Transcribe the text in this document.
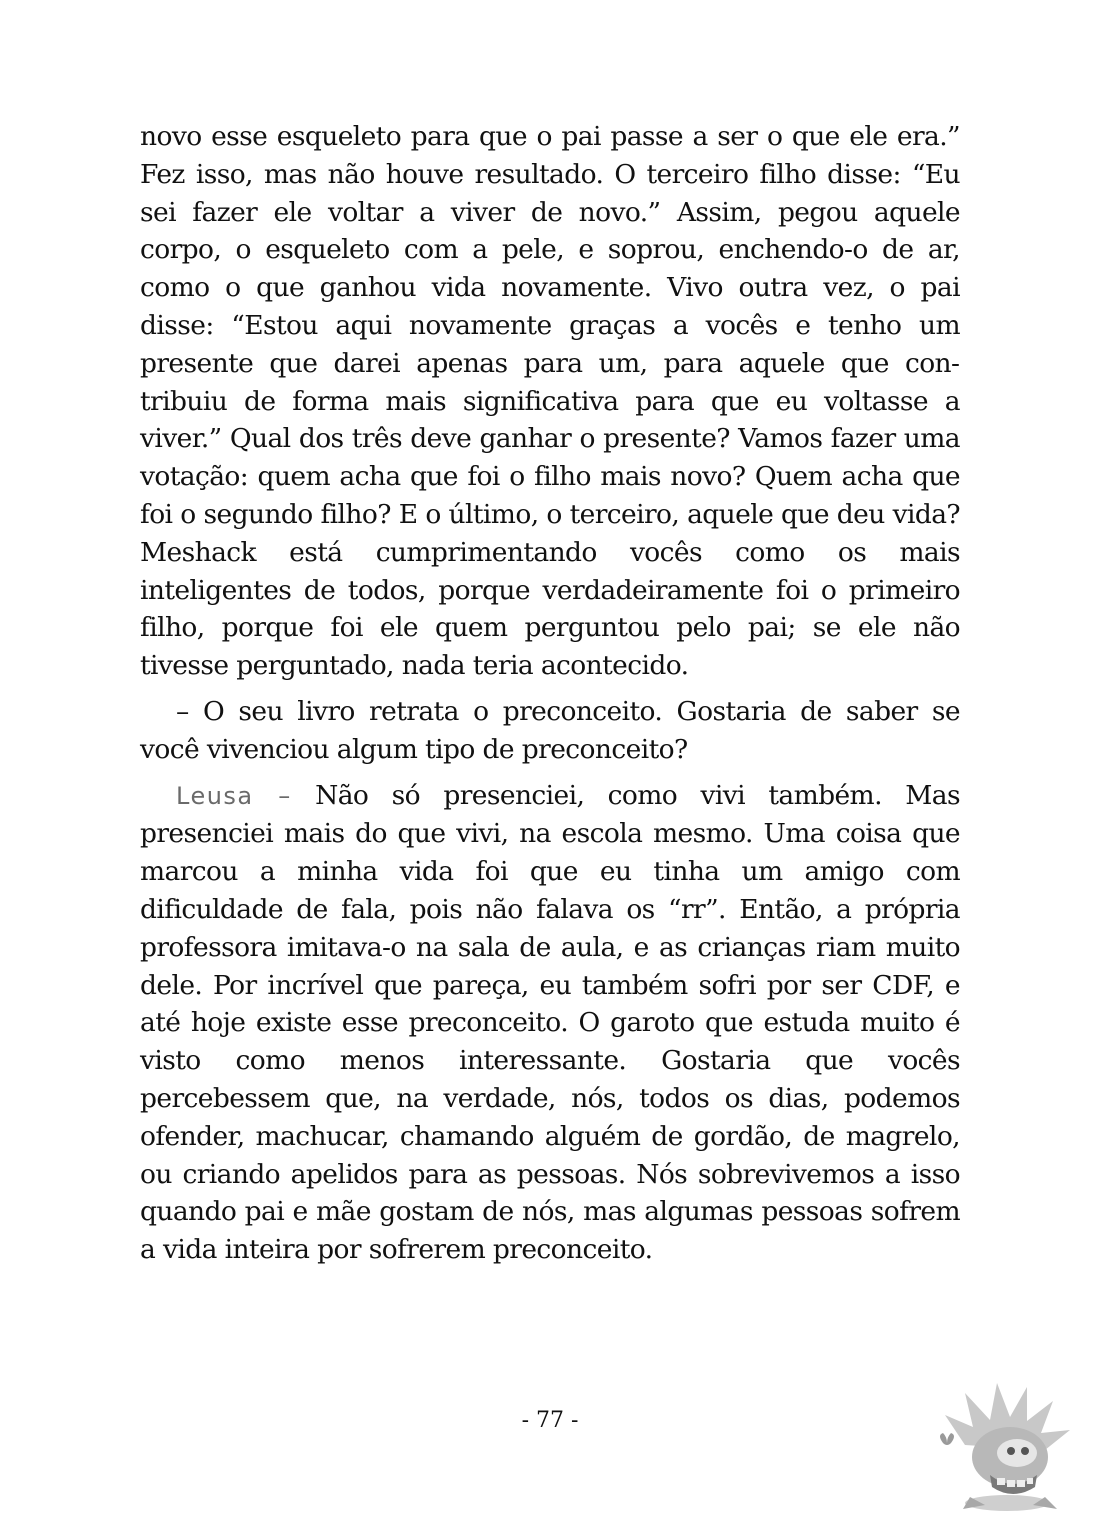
novo esse esqueleto para que o pai passe a ser o que ele era.” Fez isso, mas não houve resultado. O terceiro filho disse: “Eu sei fazer ele voltar a viver de novo.” Assim, pegou aquele corpo, o esqueleto com a pele, e soprou, enchendo-o de ar, como o que ganhou vida novamente. Vivo outra vez, o pai disse: “Estou aqui novamente graças a vocês e tenho um presente que darei apenas para um, para aquele que contribuiu de forma mais significativa para que eu voltasse a viver.” Qual dos três deve ganhar o presente? Vamos fazer uma votação: quem acha que foi o filho mais novo? Quem acha que foi o segundo filho? E o último, o terceiro, aquele que deu vida? Meshack está cumprimentando vocês como os mais inteligentes de todos, porque verdadeiramente foi o primeiro filho, porque foi ele quem perguntou pelo pai; se ele não tivesse perguntado, nada teria acontecido.

– O seu livro retrata o preconceito. Gostaria de saber se você vivenciou algum tipo de preconceito?

Leusa – Não só presenciei, como vivi também. Mas presenciei mais do que vivi, na escola mesmo. Uma coisa que marcou a minha vida foi que eu tinha um amigo com dificuldade de fala, pois não falava os “rr”. Então, a própria professora imitava-o na sala de aula, e as crianças riam muito dele. Por incrível que pareça, eu também sofri por ser CDF, e até hoje existe esse preconceito. O garoto que estuda muito é visto como menos interessante. Gostaria que vocês percebessem que, na verdade, nós, todos os dias, podemos ofender, machucar, chamando alguém de gordão, de magrelo, ou criando apelidos para as pessoas. Nós sobrevivemos a isso quando pai e mãe gostam de nós, mas algumas pessoas sofrem a vida inteira por sofrerem preconceito.

- 77 -
